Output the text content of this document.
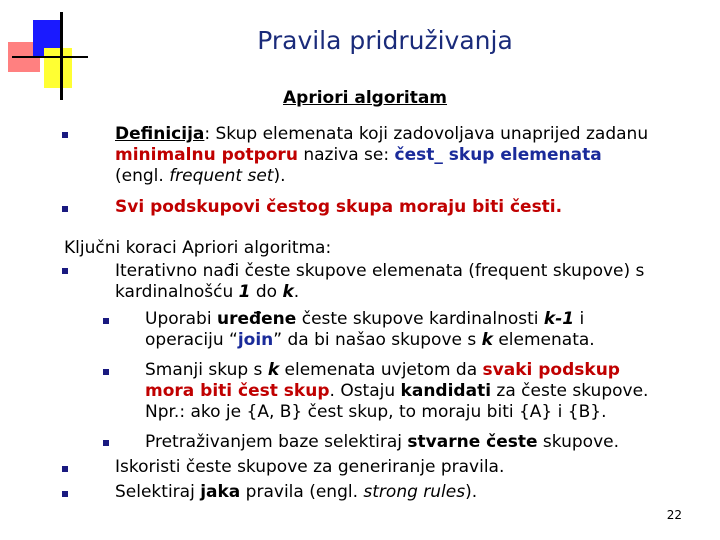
Pravila pridruživanja
Apriori algoritam
Definicija: Skup elemenata koji zadovoljava unaprijed zadanu
minimalnu potporu naziva se: čest_ skup elemenata
(engl. frequent set).
Svi podskupovi čestog skupa moraju biti česti.
Ključni koraci Apriori algoritma:
Iterativno nađi česte skupove elemenata (frequent skupove) s
kardinalnošću 1 do k.
Uporabi uređene česte skupove kardinalnosti k-1 i
operaciju “join” da bi našao skupove s k elemenata.
Smanji skup s k elemenata uvjetom da svaki podskup
mora biti čest skup. Ostaju kandidati za česte skupove.
Npr.: ako je {A, B} čest skup, to moraju biti {A} i {B}.
Pretraživanjem baze selektiraj stvarne česte skupove.
Iskoristi česte skupove za generiranje pravila.
Selektiraj jaka pravila (engl. strong rules).
22
